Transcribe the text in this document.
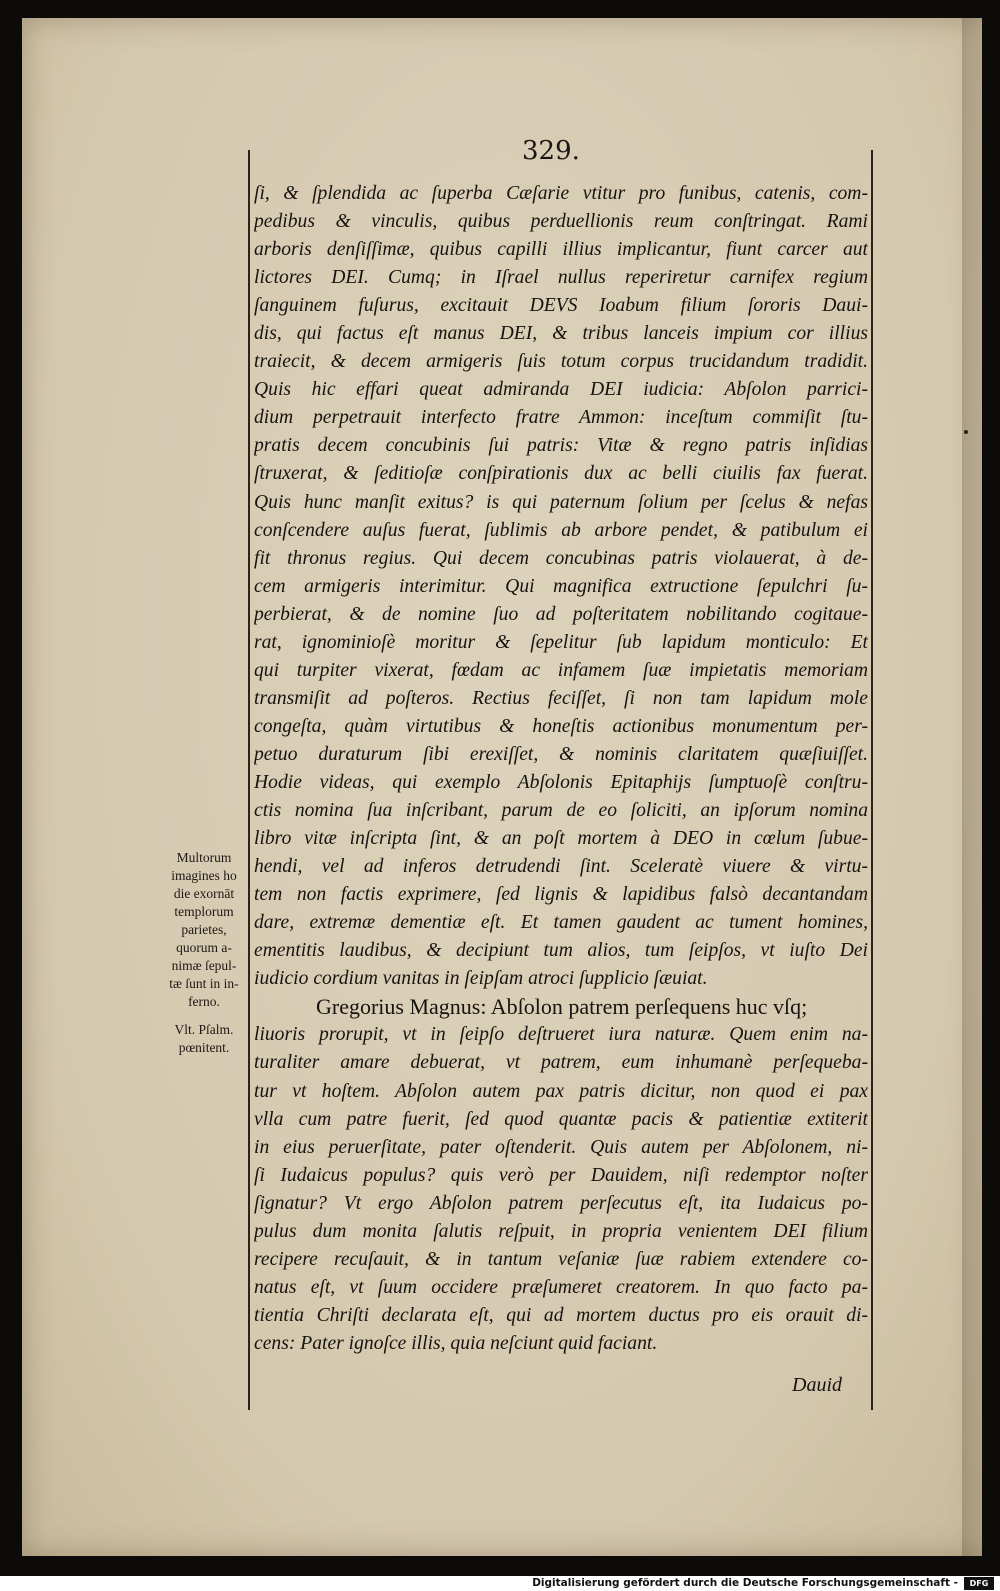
329.
ſi, & ſplendida ac ſuperba Cæſarie vtitur pro funibus, catenis, com-
pedibus & vinculis, quibus perduellionis reum conſtringat. Rami
arboris denſiſſimæ, quibus capilli illius implicantur, fiunt carcer aut
lictores DEI. Cumq; in Iſrael nullus reperiretur carnifex regium
ſanguinem fuſurus, excitauit DEVS Ioabum filium ſororis Daui-
dis, qui factus eſt manus DEI, & tribus lanceis impium cor illius
traiecit, & decem armigeris ſuis totum corpus trucidandum tradidit.
Quis hic effari queat admiranda DEI iudicia: Abſolon parrici-
dium perpetrauit interfecto fratre Ammon: inceſtum commiſit ſtu-
pratis decem concubinis ſui patris: Vitæ & regno patris inſidias
ſtruxerat, & ſeditioſæ conſpirationis dux ac belli ciuilis fax fuerat.
Quis hunc manſit exitus? is qui paternum ſolium per ſcelus & nefas
conſcendere auſus fuerat, ſublimis ab arbore pendet, & patibulum ei
fit thronus regius. Qui decem concubinas patris violauerat, à de-
cem armigeris interimitur. Qui magnifica extructione ſepulchri ſu-
perbierat, & de nomine ſuo ad poſteritatem nobilitando cogitaue-
rat, ignominioſè moritur & ſepelitur ſub lapidum monticulo: Et
qui turpiter vixerat, fœdam ac infamem ſuæ impietatis memoriam
transmiſit ad poſteros. Rectius feciſſet, ſi non tam lapidum mole
congeſta, quàm virtutibus & honeſtis actionibus monumentum per-
petuo duraturum ſibi erexiſſet, & nominis claritatem quæſiuiſſet.
Hodie videas, qui exemplo Abſolonis Epitaphijs ſumptuoſè conſtru-
ctis nomina ſua inſcribant, parum de eo ſoliciti, an ipſorum nomina
libro vitæ inſcripta ſint, & an poſt mortem à DEO in cœlum ſubue-
hendi, vel ad inferos detrudendi ſint. Sceleratè viuere & virtu-
tem non factis exprimere, ſed lignis & lapidibus falsò decantandam
dare, extremæ dementiæ eſt. Et tamen gaudent ac tument homines,
ementitis laudibus, & decipiunt tum alios, tum ſeipſos, vt iuſto Dei
iudicio cordium vanitas in ſeipſam atroci ſupplicio ſæuiat.
Gregorius Magnus: Abſolon patrem perſequens huc vſq;
liuoris prorupit, vt in ſeipſo deſtrueret iura naturæ. Quem enim na-
turaliter amare debuerat, vt patrem, eum inhumanè perſequeba-
tur vt hoſtem. Abſolon autem pax patris dicitur, non quod ei pax
vlla cum patre fuerit, ſed quod quantæ pacis & patientiæ extiterit
in eius peruerſitate, pater oſtenderit. Quis autem per Abſolonem, ni-
ſi Iudaicus populus? quis verò per Dauidem, niſi redemptor noſter
ſignatur? Vt ergo Abſolon patrem perſecutus eſt, ita Iudaicus po-
pulus dum monita ſalutis reſpuit, in propria venientem DEI filium
recipere recuſauit, & in tantum veſaniæ ſuæ rabiem extendere co-
natus eſt, vt ſuum occidere præſumeret creatorem. In quo facto pa-
tientia Chriſti declarata eſt, qui ad mortem ductus pro eis orauit di-
cens: Pater ignoſce illis, quia neſciunt quid faciant.
Dauid
Multorum
imagines ho
die exornāt
templorum
parietes,
quorum a-
nimæ ſepul-
tæ ſunt in in-
ferno.
Vlt. Pſalm.
pœnitent.
Digitalisierung gefördert durch die Deutsche Forschungsgemeinschaft -	DFG
